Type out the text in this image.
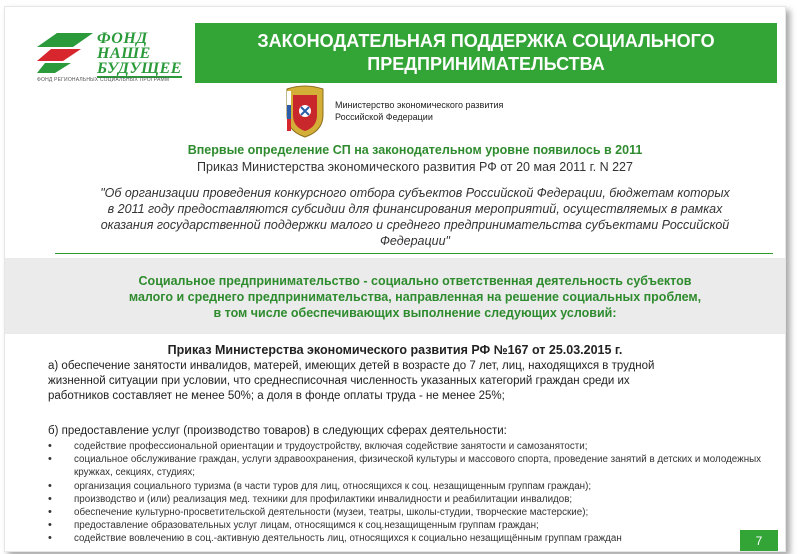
ФОНД
НАШЕ
БУДУЩЕЕ
ФОНД РЕГИОНАЛЬНЫХ СОЦИАЛЬНЫХ ПРОГРАММ
ЗАКОНОДАТЕЛЬНАЯ ПОДДЕРЖКА СОЦИАЛЬНОГО
ПРЕДПРИНИМАТЕЛЬСТВА
Министерство экономического развития
Российской Федерации
Впервые определение СП на законодательном уровне появилось в 2011
Приказ Министерства экономического развития РФ от 20 мая 2011 г. N 227
"Об организации проведения конкурсного отбора субъектов Российской Федерации, бюджетам которых
в 2011 году предоставляются субсидии для финансирования мероприятий, осуществляемых в рамках
оказания государственной поддержки малого и среднего предпринимательства субъектами Российской
Федерации"
Социальное предпринимательство - социально ответственная деятельность субъектов
малого и среднего предпринимательства, направленная на решение социальных проблем,
в том числе обеспечивающих выполнение следующих условий:
Приказ Министерства экономического развития РФ №167 от 25.03.2015 г.
а) обеспечение занятости инвалидов, матерей, имеющих детей в возрасте до 7 лет, лиц, находящихся в трудной
жизненной ситуации при условии, что среднесписочная численность указанных категорий граждан среди их
работников составляет не менее 50%; а доля в фонде оплаты труда - не менее 25%;
б) предоставление услуг (производство товаров) в следующих сферах деятельности:
• содействие профессиональной ориентации и трудоустройству, включая содействие занятости и самозанятости;
• социальное обслуживание граждан, услуги здравоохранения, физической культуры и массового спорта, проведение занятий в детских и молодежных кружках, секциях, студиях;
• организация социального туризма (в части туров для лиц, относящихся к соц. незащищенным группам граждан);
• производство и (или) реализация мед. техники для профилактики инвалидности и реабилитации инвалидов;
• обеспечение культурно-просветительской деятельности (музеи, театры, школы-студии, творческие мастерские);
• предоставление образовательных услуг лицам, относящимся к соц.незащищенным группам граждан;
• содействие вовлечению в соц.-активную деятельность лиц, относящихся к социально незащищённым группам граждан	7
